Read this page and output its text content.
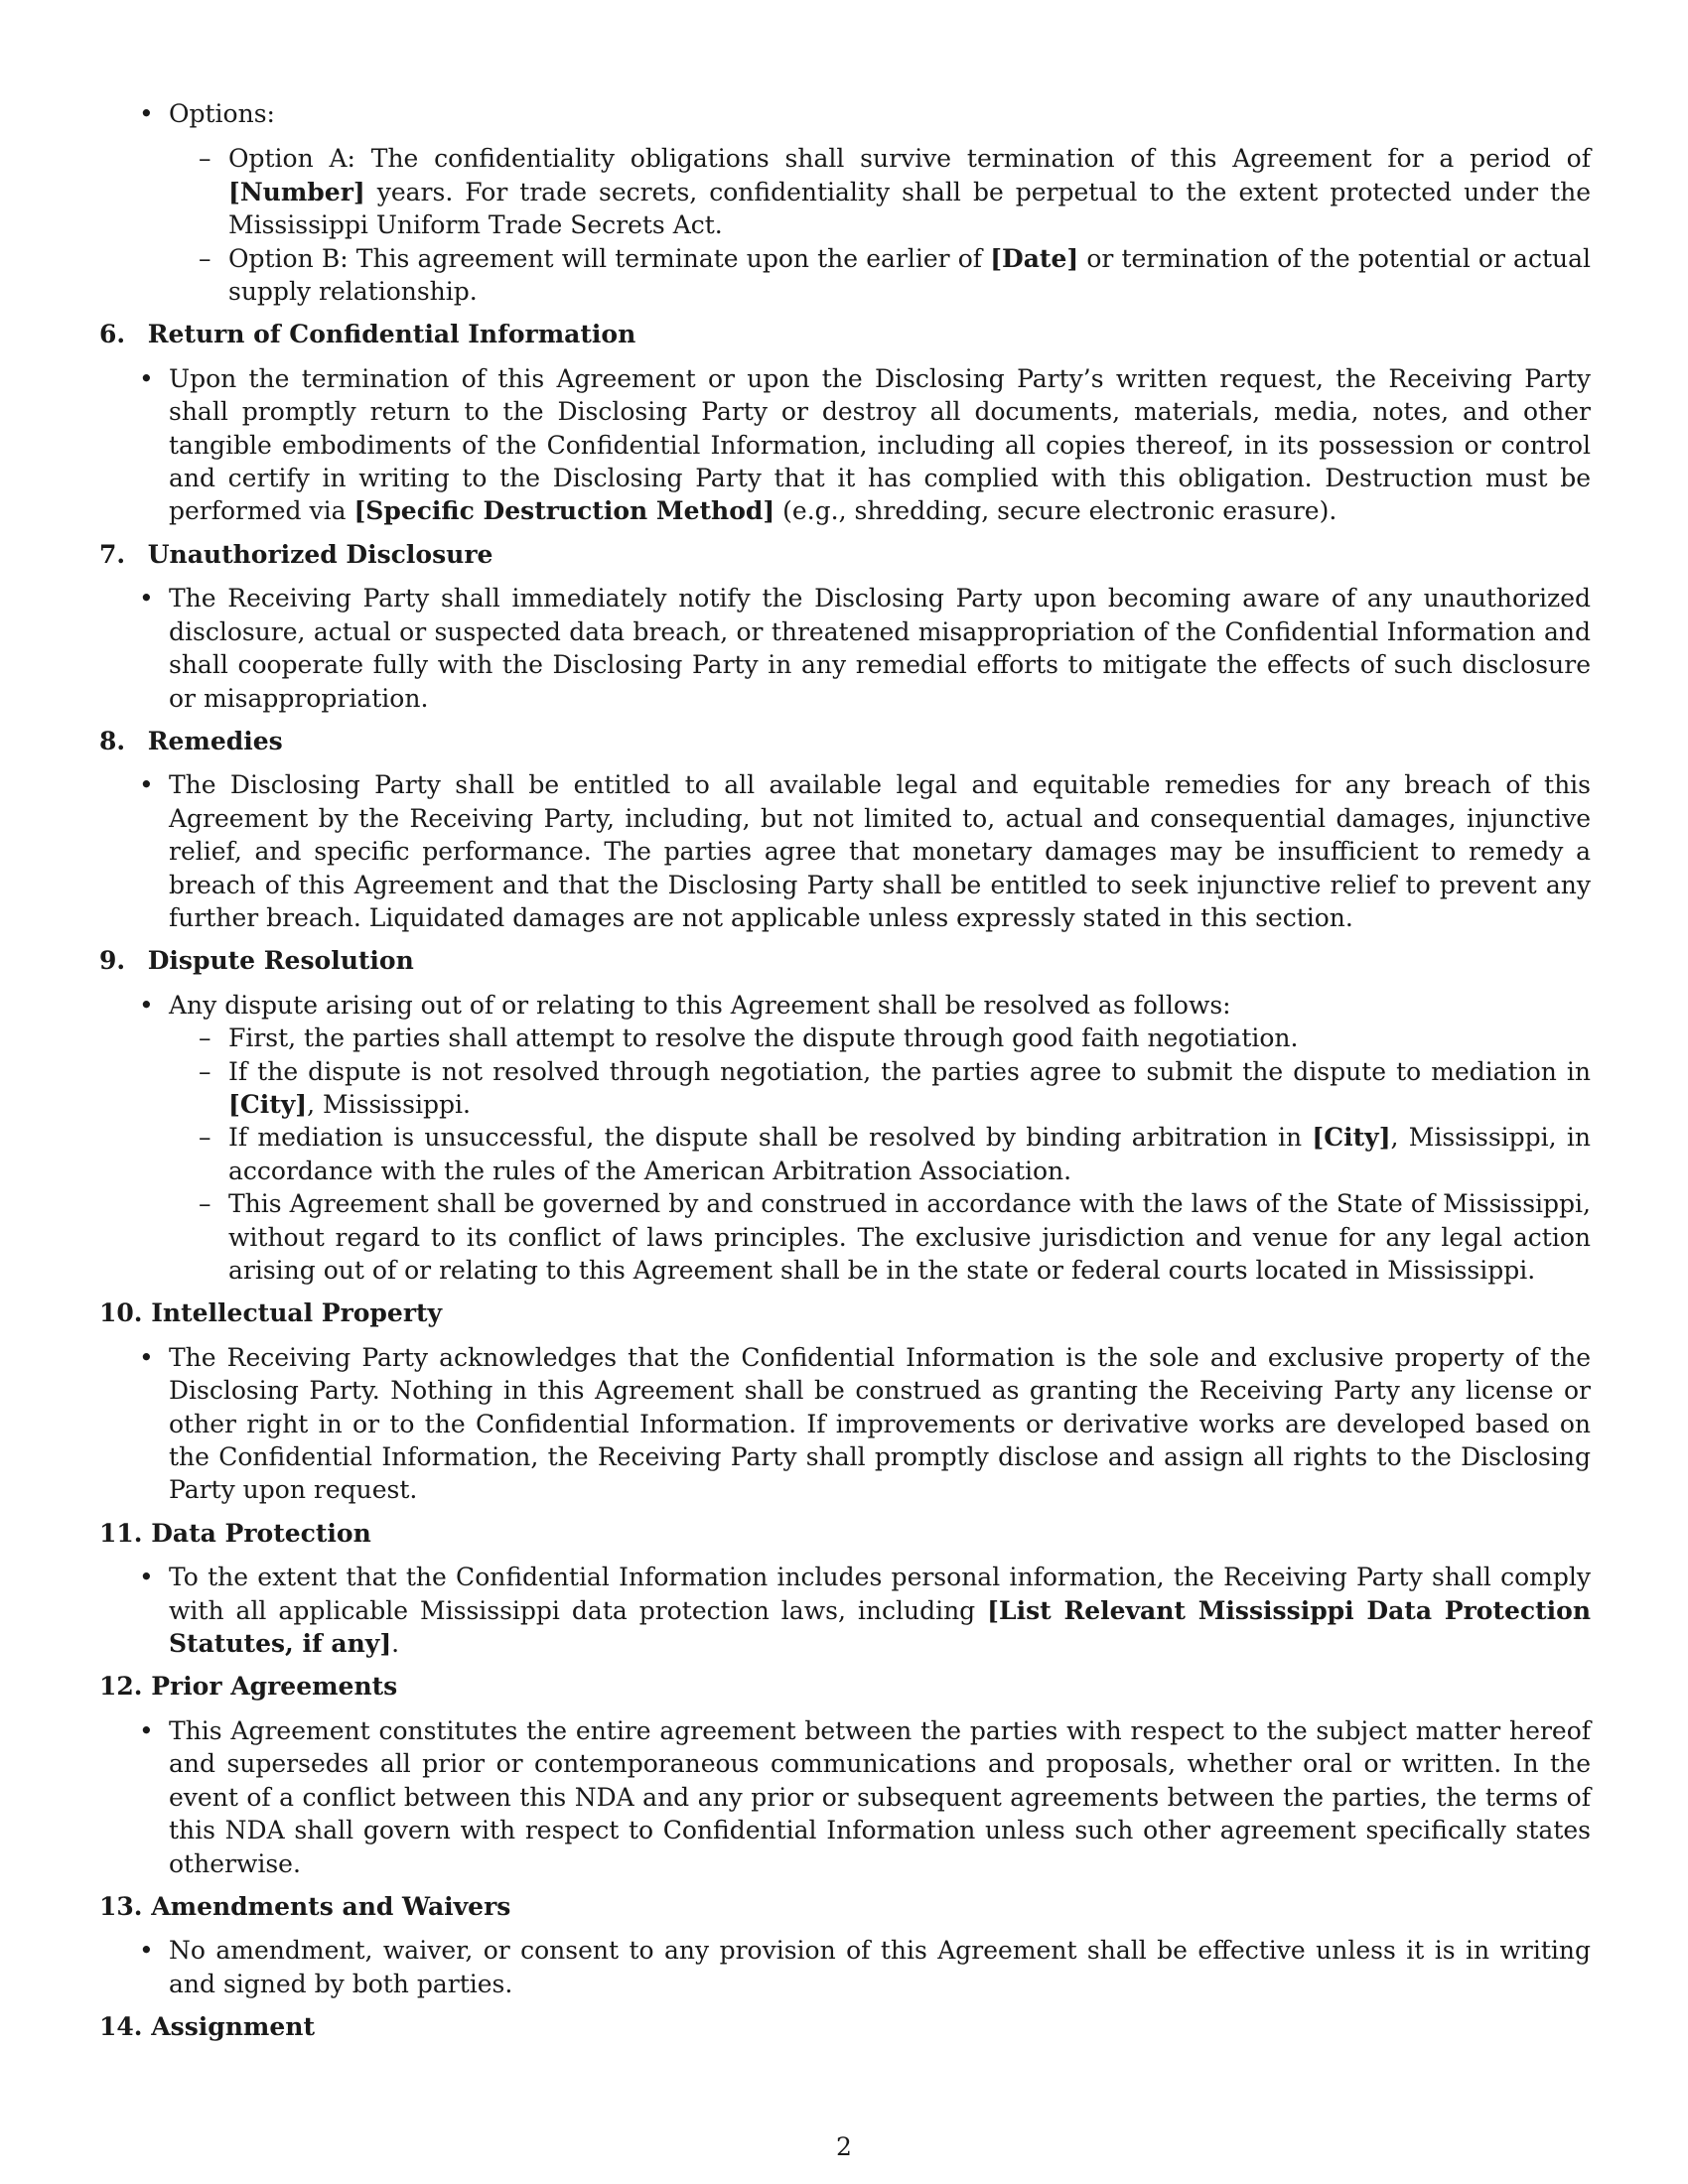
• Options:
– Option A: The confidentiality obligations shall survive termination of this Agreement for a period of [Number] years. For trade secrets, confidentiality shall be perpetual to the extent protected under the Mississippi Uniform Trade Secrets Act.
– Option B: This agreement will terminate upon the earlier of [Date] or termination of the potential or actual supply relationship.
6. Return of Confidential Information
• Upon the termination of this Agreement or upon the Disclosing Party’s written request, the Receiving Party shall promptly return to the Disclosing Party or destroy all documents, materials, media, notes, and other tangible embodiments of the Confidential Information, including all copies thereof, in its possession or control and certify in writing to the Disclosing Party that it has complied with this obligation. Destruction must be performed via [Specific Destruction Method] (e.g., shredding, secure electronic erasure).
7. Unauthorized Disclosure
• The Receiving Party shall immediately notify the Disclosing Party upon becoming aware of any unauthorized disclosure, actual or suspected data breach, or threatened misappropriation of the Confidential Information and shall cooperate fully with the Disclosing Party in any remedial efforts to mitigate the effects of such disclosure or misappropriation.
8. Remedies
• The Disclosing Party shall be entitled to all available legal and equitable remedies for any breach of this Agreement by the Receiving Party, including, but not limited to, actual and consequential damages, injunctive relief, and specific performance. The parties agree that monetary damages may be insufficient to remedy a breach of this Agreement and that the Disclosing Party shall be entitled to seek injunctive relief to prevent any further breach. Liquidated damages are not applicable unless expressly stated in this section.
9. Dispute Resolution
• Any dispute arising out of or relating to this Agreement shall be resolved as follows:
– First, the parties shall attempt to resolve the dispute through good faith negotiation.
– If the dispute is not resolved through negotiation, the parties agree to submit the dispute to mediation in [City], Mississippi.
– If mediation is unsuccessful, the dispute shall be resolved by binding arbitration in [City], Mississippi, in accordance with the rules of the American Arbitration Association.
– This Agreement shall be governed by and construed in accordance with the laws of the State of Mississippi, without regard to its conflict of laws principles. The exclusive jurisdiction and venue for any legal action arising out of or relating to this Agreement shall be in the state or federal courts located in Mississippi.
10. Intellectual Property
• The Receiving Party acknowledges that the Confidential Information is the sole and exclusive property of the Disclosing Party. Nothing in this Agreement shall be construed as granting the Receiving Party any license or other right in or to the Confidential Information. If improvements or derivative works are developed based on the Confidential Information, the Receiving Party shall promptly disclose and assign all rights to the Disclosing Party upon request.
11. Data Protection
• To the extent that the Confidential Information includes personal information, the Receiving Party shall comply with all applicable Mississippi data protection laws, including [List Relevant Mississippi Data Protection Statutes, if any].
12. Prior Agreements
• This Agreement constitutes the entire agreement between the parties with respect to the subject matter hereof and supersedes all prior or contemporaneous communications and proposals, whether oral or written. In the event of a conflict between this NDA and any prior or subsequent agreements between the parties, the terms of this NDA shall govern with respect to Confidential Information unless such other agreement specifically states otherwise.
13. Amendments and Waivers
• No amendment, waiver, or consent to any provision of this Agreement shall be effective unless it is in writing and signed by both parties.
14. Assignment
2
